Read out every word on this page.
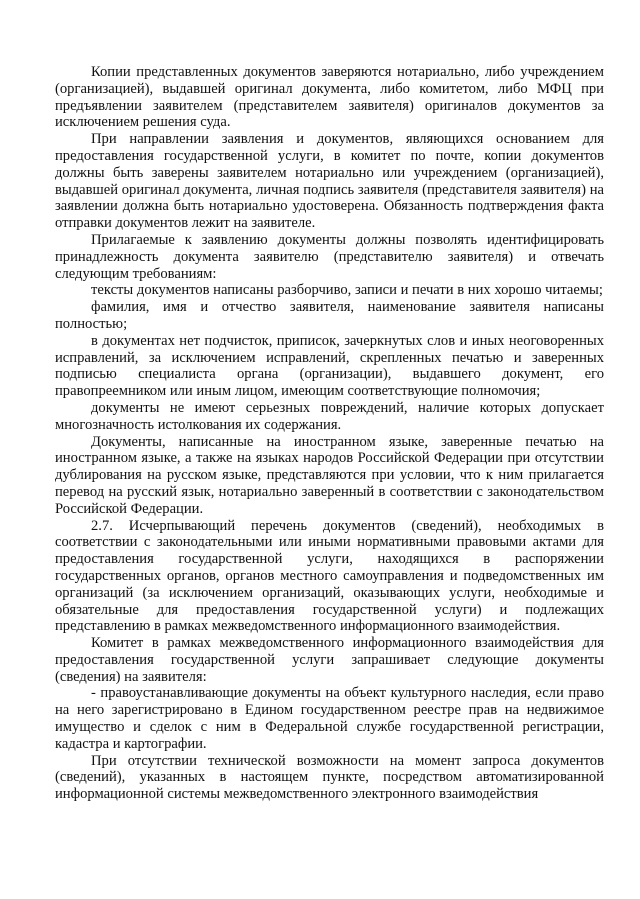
Копии представленных документов заверяются нотариально, либо учреждением (организацией), выдавшей оригинал документа, либо комитетом, либо МФЦ при предъявлении заявителем (представителем заявителя) оригиналов документов за исключением решения суда.

При направлении заявления и документов, являющихся основанием для предоставления государственной услуги, в комитет по почте, копии документов должны быть заверены заявителем нотариально или учреждением (организацией), выдавшей оригинал документа, личная подпись заявителя (представителя заявителя) на заявлении должна быть нотариально удостоверена. Обязанность подтверждения факта отправки документов лежит на заявителе.

Прилагаемые к заявлению документы должны позволять идентифицировать принадлежность документа заявителю (представителю заявителя) и отвечать следующим требованиям:

тексты документов написаны разборчиво, записи и печати в них хорошо читаемы;

фамилия, имя и отчество заявителя, наименование заявителя написаны полностью;

в документах нет подчисток, приписок, зачеркнутых слов и иных неоговоренных исправлений, за исключением исправлений, скрепленных печатью и заверенных подписью специалиста органа (организации), выдавшего документ, его правопреемником или иным лицом, имеющим соответствующие полномочия;

документы не имеют серьезных повреждений, наличие которых допускает многозначность истолкования их содержания.

Документы, написанные на иностранном языке, заверенные печатью на иностранном языке, а также на языках народов Российской Федерации при отсутствии дублирования на русском языке, представляются при условии, что к ним прилагается перевод на русский язык, нотариально заверенный в соответствии с законодательством Российской Федерации.

2.7. Исчерпывающий перечень документов (сведений), необходимых в соответствии с законодательными или иными нормативными правовыми актами для предоставления государственной услуги, находящихся в распоряжении государственных органов, органов местного самоуправления и подведомственных им организаций (за исключением организаций, оказывающих услуги, необходимые и обязательные для предоставления государственной услуги) и подлежащих представлению в рамках межведомственного информационного взаимодействия.

Комитет в рамках межведомственного информационного взаимодействия для предоставления государственной услуги запрашивает следующие документы (сведения) на заявителя:

- правоустанавливающие документы на объект культурного наследия, если право на него зарегистрировано в Едином государственном реестре прав на недвижимое имущество и сделок с ним в Федеральной службе государственной регистрации, кадастра и картографии.

При отсутствии технической возможности на момент запроса документов (сведений), указанных в настоящем пункте, посредством автоматизированной информационной системы межведомственного электронного взаимодействия
